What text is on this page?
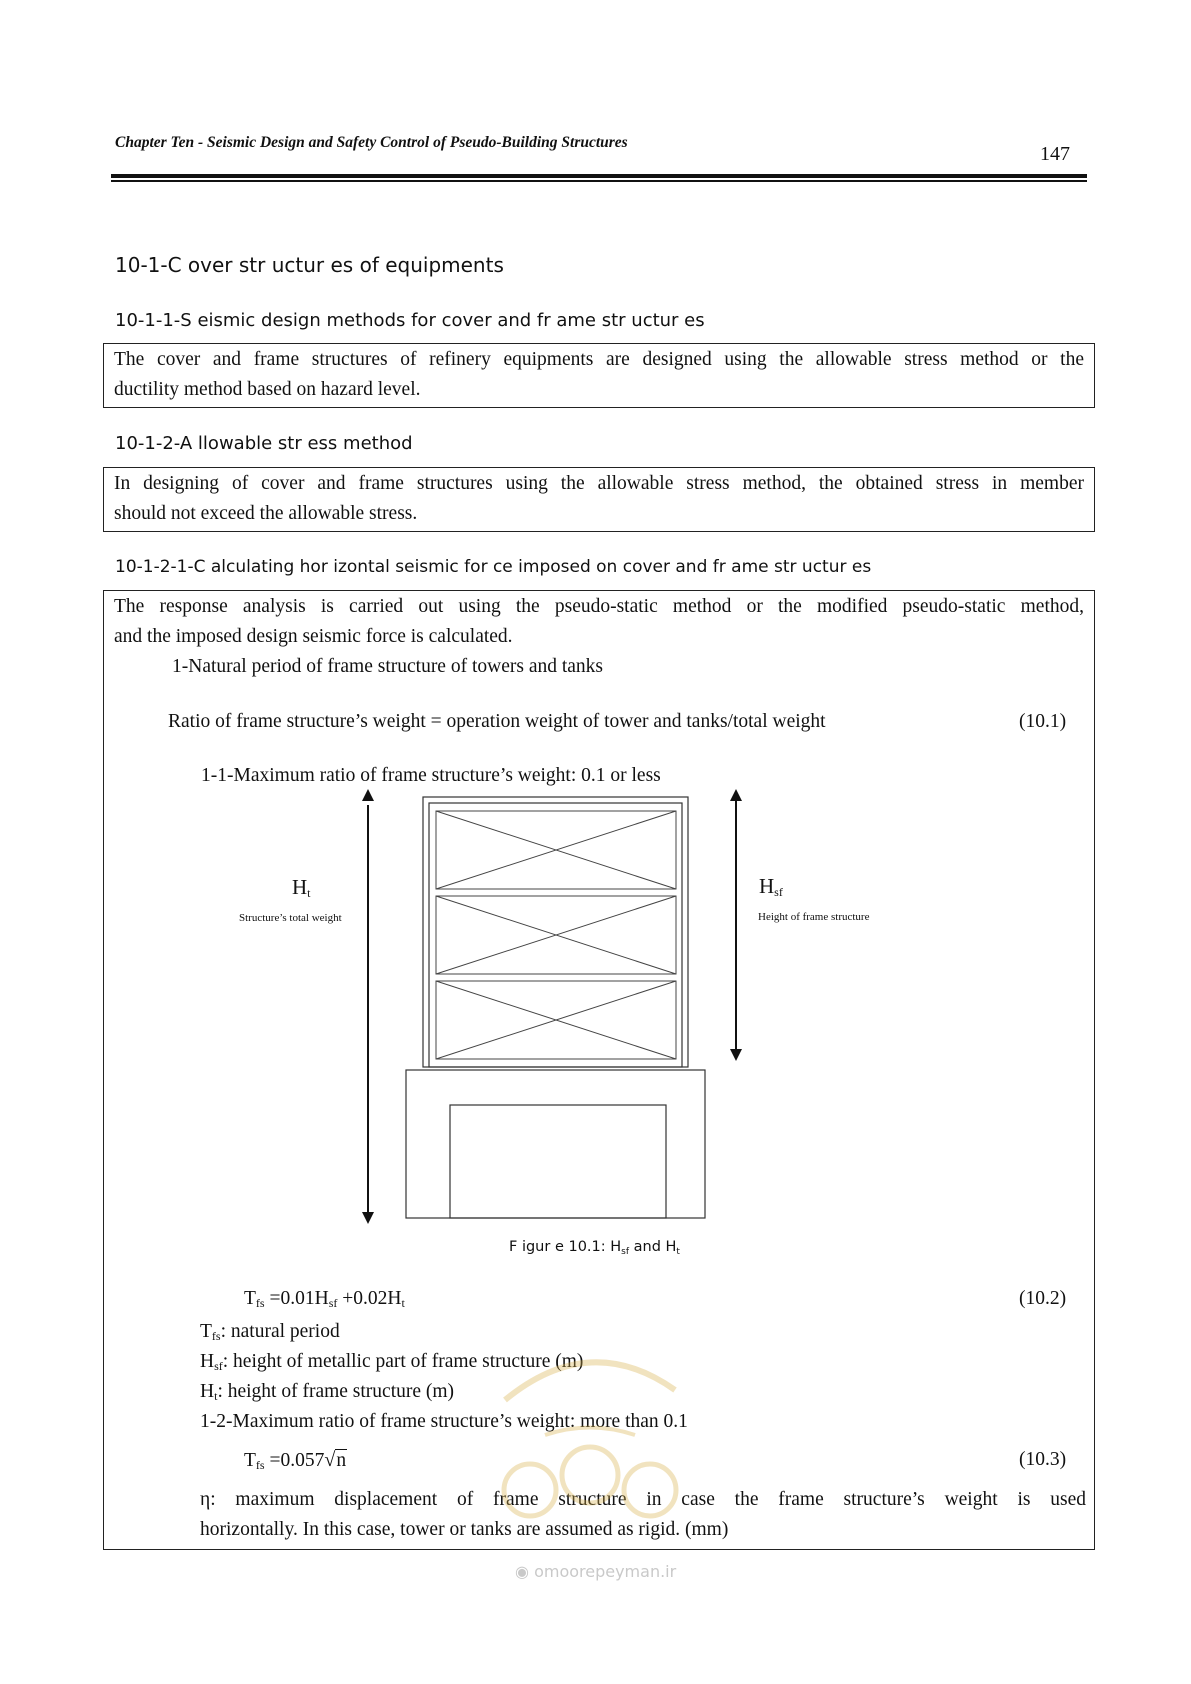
Chapter Ten - Seismic Design and Safety Control of Pseudo-Building Structures
147
10-1-C over str uctur es of equipments
10-1-1-S eismic design methods for cover and fr ame str uctur es
The cover and frame structures of refinery equipments are designed using the allowable stress method or the
ductility method based on hazard level.
10-1-2-A llowable str ess method
In designing of cover and frame structures using the allowable stress method, the obtained stress in member
should not exceed the allowable stress.
10-1-2-1-C alculating hor izontal seismic for ce imposed on cover and fr ame str uctur es
The response analysis is carried out using the pseudo-static method or the modified pseudo-static method,
and the imposed design seismic force is calculated.
1-Natural period of frame structure of towers and tanks
Ratio of frame structure’s weight = operation weight of tower and tanks/total weight	(10.1)
1-1-Maximum ratio of frame structure’s weight: 0.1 or less
$H_t$
Structure’s total weight
$H_{sf}$
Height of frame structure
F igur e 10.1: $H_{sf}$ and $H_t$
$T_{fs} =0.01H_{sf} +0.02H_t$	(10.2)
$T_{fs}$: natural period
$H_{sf}$: height of metallic part of frame structure (m)
$H_t$: height of frame structure (m)
1-2-Maximum ratio of frame structure’s weight: more than 0.1
$T_{fs} =0.057√n$	(10.3)
η: maximum displacement of frame structure in case the frame structure’s weight is used
horizontally. In this case, tower or tanks are assumed as rigid. (mm)
◉ omoorepeyman.ir
